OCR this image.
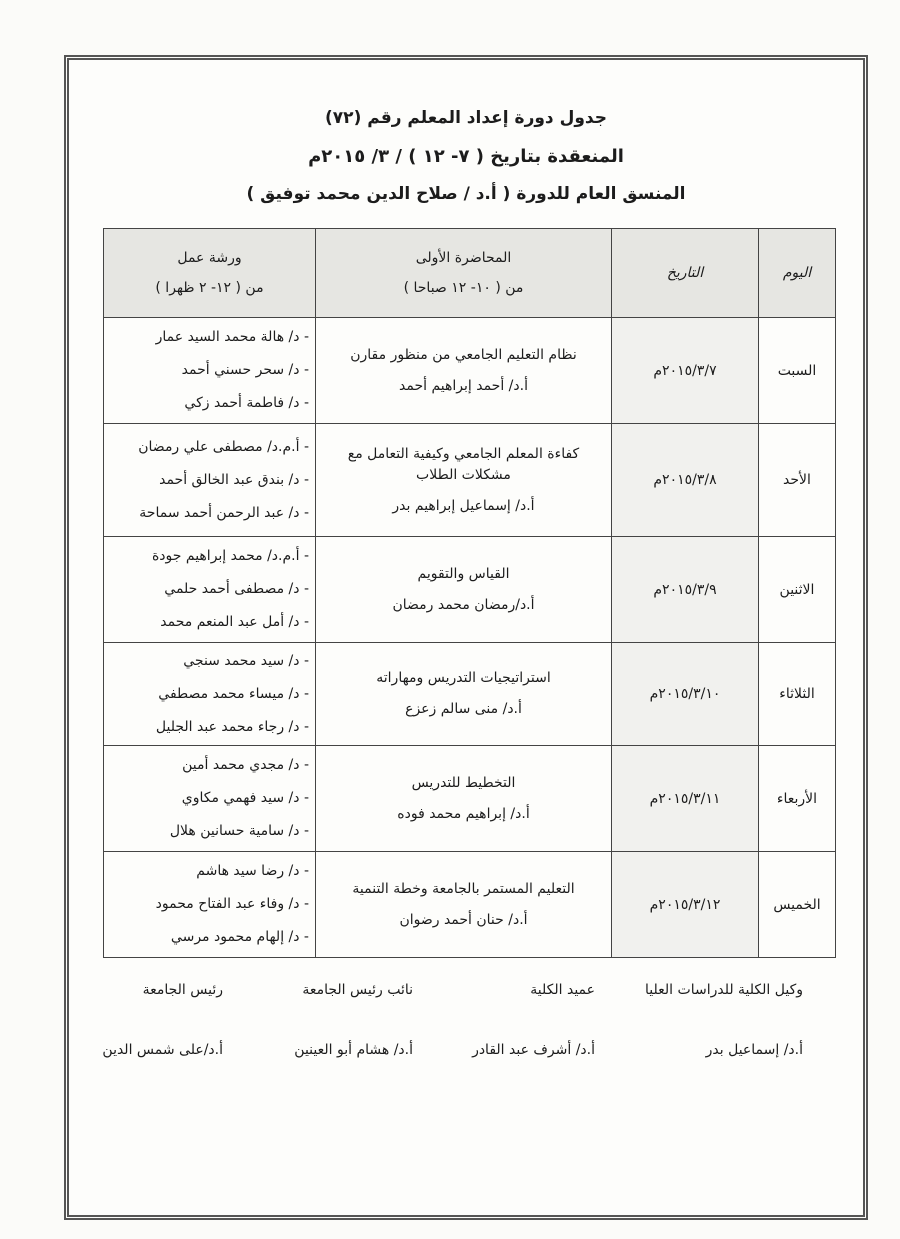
جدول دورة إعداد المعلم رقم (٧٢)
المنعقدة بتاريخ ( ٧- ١٢ ) / ٣/ ٢٠١٥م
المنسق العام للدورة ( أ.د / صلاح الدين محمد توفيق )
اليوم	التاريخ	المحاضرة الأولى
من ( ١٠- ١٢ صباحا )	ورشة عمل
من ( ١٢- ٢ ظهرا )

السبت	٢٠١٥/٣/٧م	نظام التعليم الجامعي من منظور مقارن
أ.د/ أحمد إبراهيم أحمد	- د/ هالة محمد السيد عمار
- د/ سحر حسني أحمد
- د/ فاطمة أحمد زكي

الأحد	٢٠١٥/٣/٨م	كفاءة المعلم الجامعي وكيفية التعامل مع مشكلات الطلاب
أ.د/ إسماعيل إبراهيم بدر	- أ.م.د/ مصطفى علي رمضان
- د/ بندق عبد الخالق أحمد
- د/ عبد الرحمن أحمد سماحة

الاثنين	٢٠١٥/٣/٩م	القياس والتقويم
أ.د/رمضان محمد رمضان	- أ.م.د/ محمد إبراهيم جودة
- د/ مصطفى أحمد حلمي
- د/ أمل عبد المنعم محمد

الثلاثاء	٢٠١٥/٣/١٠م	استراتيجيات التدريس ومهاراته
أ.د/ منى سالم زعزع	- د/ سيد محمد سنجي
- د/ ميساء محمد مصطفي
- د/ رجاء محمد عبد الجليل

الأربعاء	٢٠١٥/٣/١١م	التخطيط للتدريس
أ.د/ إبراهيم محمد فوده	- د/ مجدي محمد أمين
- د/ سيد فهمي مكاوي
- د/ سامية حسانين هلال

الخميس	٢٠١٥/٣/١٢م	التعليم المستمر بالجامعة وخطة التنمية
أ.د/ حنان أحمد رضوان	- د/ رضا سيد هاشم
- د/ وفاء عبد الفتاح محمود
- د/ إلهام محمود مرسي
وكيل الكلية للدراسات العليا
عميد الكلية
نائب رئيس الجامعة
رئيس الجامعة
أ.د/ إسماعيل بدر
أ.د/ أشرف عبد القادر
أ.د/ هشام أبو العينين
أ.د/على شمس الدين
